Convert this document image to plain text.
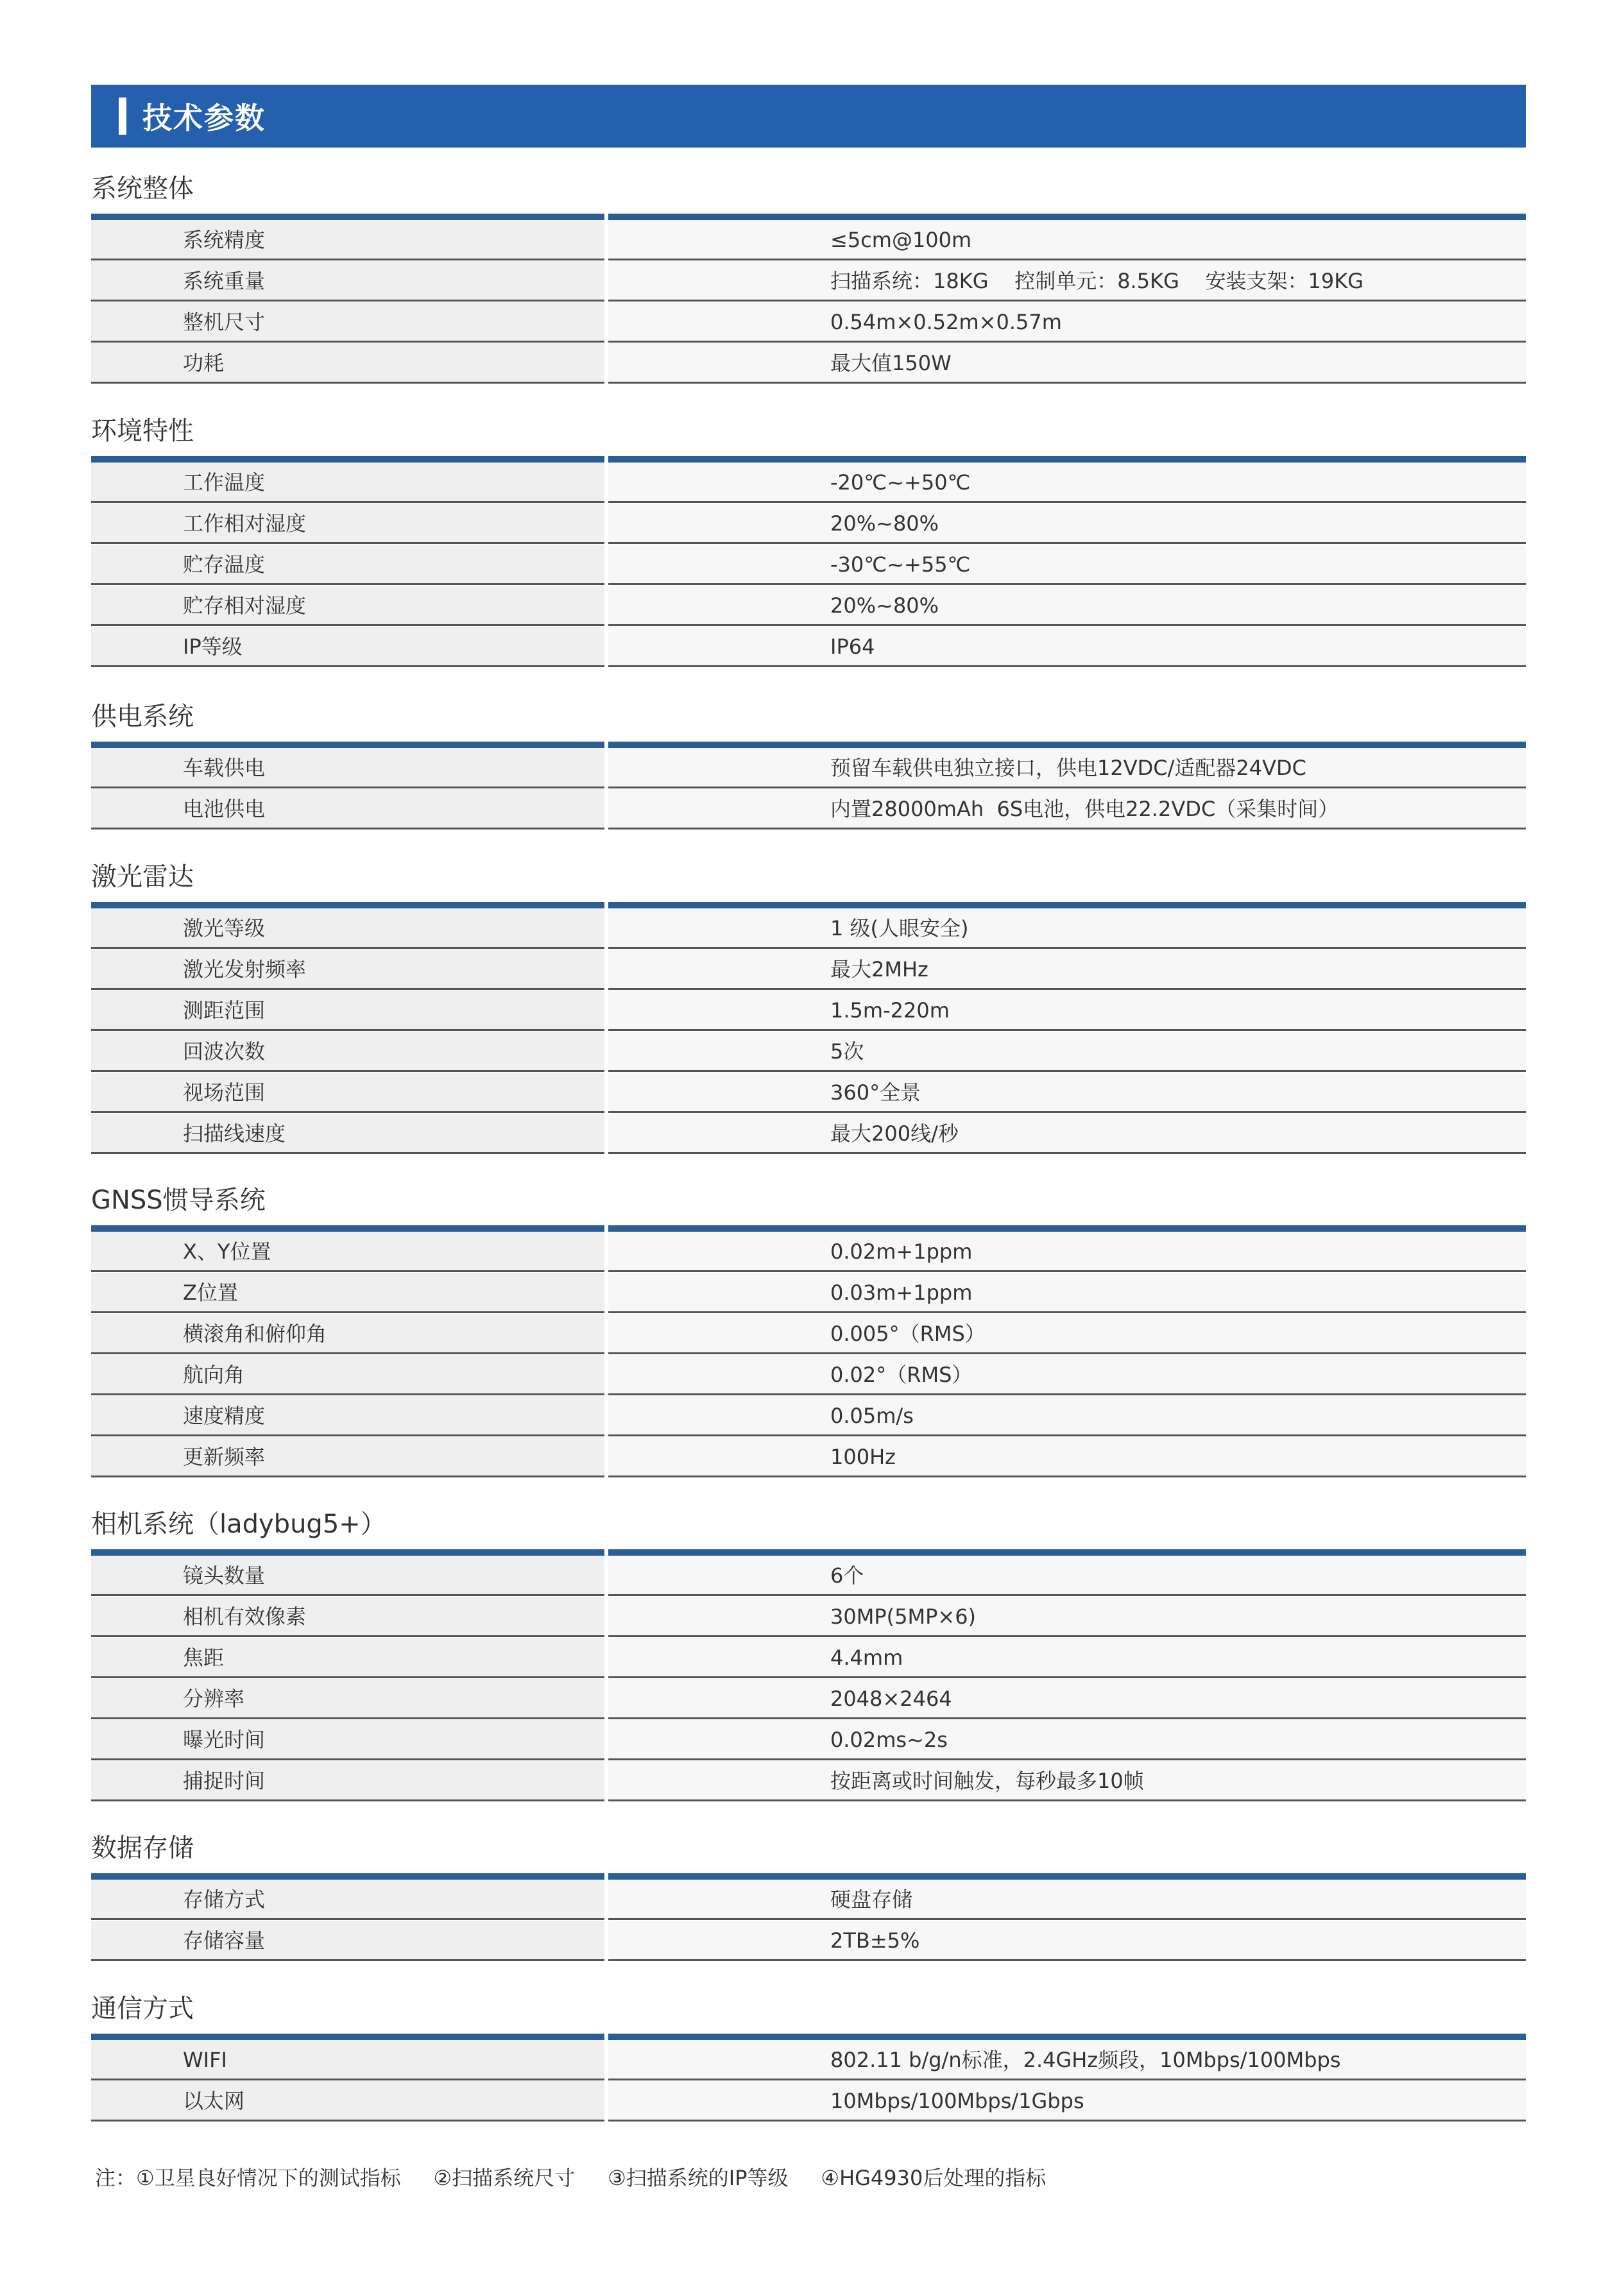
技术参数
系统整体
系统精度	≤5cm@100m
系统重量	扫描系统：18KG    控制单元：8.5KG    安装支架：19KG
整机尺寸	0.54m×0.52m×0.57m
功耗	最大值150W
环境特性
工作温度	-20℃~+50℃
工作相对湿度	20%~80%
贮存温度	-30℃~+55℃
贮存相对湿度	20%~80%
IP等级	IP64
供电系统
车载供电	预留车载供电独立接口，供电12VDC/适配器24VDC
电池供电	内置28000mAh  6S电池，供电22.2VDC（采集时间）
激光雷达
激光等级	1 级(人眼安全)
激光发射频率	最大2MHz
测距范围	1.5m-220m
回波次数	5次
视场范围	360°全景
扫描线速度	最大200线/秒
GNSS惯导系统
X、Y位置	0.02m+1ppm
Z位置	0.03m+1ppm
横滚角和俯仰角	0.005°（RMS）
航向角	0.02°（RMS）
速度精度	0.05m/s
更新频率	100Hz
相机系统（ladybug5+）
镜头数量	6个
相机有效像素	30MP(5MP×6)
焦距	4.4mm
分辨率	2048×2464
曝光时间	0.02ms~2s
捕捉时间	按距离或时间触发，每秒最多10帧
数据存储
存储方式	硬盘存储
存储容量	2TB±5%
通信方式
WIFI	802.11 b/g/n标准，2.4GHz频段，10Mbps/100Mbps
以太网	10Mbps/100Mbps/1Gbps
注：①卫星良好情况下的测试指标     ②扫描系统尺寸     ③扫描系统的IP等级     ④HG4930后处理的指标
